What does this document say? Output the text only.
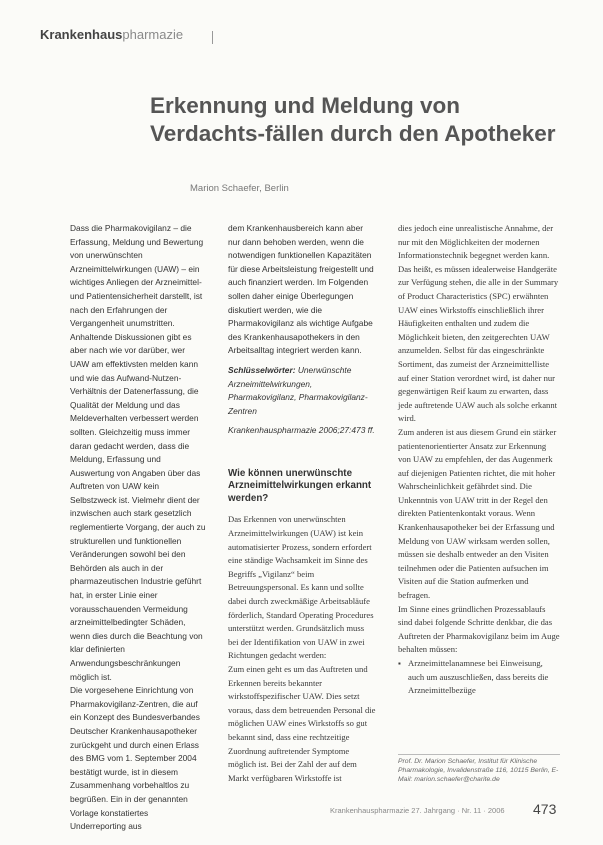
Krankenhauspharmazie
Erkennung und Meldung von Verdachts-fällen durch den Apotheker
Marion Schaefer, Berlin

Dass die Pharmakovigilanz – die Erfassung, Meldung und Bewertung von unerwünschten Arzneimittelwirkungen (UAW) – ein wichtiges Anliegen der Arzneimittel- und Patientensicherheit darstellt, ist nach den Erfahrungen der Vergangenheit unumstritten. Anhaltende Diskussionen gibt es aber nach wie vor darüber, wer UAW am effektivsten melden kann und wie das Aufwand-Nutzen-Verhältnis der Datenerfassung, die Qualität der Meldung und das Meldeverhalten verbessert werden sollten. Gleichzeitig muss immer daran gedacht werden, dass die Meldung, Erfassung und Auswertung von Angaben über das Auftreten von UAW kein Selbstzweck ist. Vielmehr dient der inzwischen auch stark gesetzlich reglementierte Vorgang, der auch zu strukturellen und funktionellen Veränderungen sowohl bei den Behörden als auch in der pharmazeutischen Industrie geführt hat, in erster Linie einer vorausschauenden Vermeidung arzneimittelbedingter Schäden, wenn dies durch die Beachtung von klar definierten Anwendungsbeschränkungen möglich ist.

Die vorgesehene Einrichtung von Pharmakovigilanz-Zentren, die auf ein Konzept des Bundesverbandes Deutscher Krankenhausapotheker zurückgeht und durch einen Erlass des BMG vom 1. September 2004 bestätigt wurde, ist in diesem Zusammenhang vorbehaltlos zu begrüßen. Ein in der genannten Vorlage konstatiertes Underreporting aus

dem Krankenhausbereich kann aber nur dann behoben werden, wenn die notwendigen funktionellen Kapazitäten für diese Arbeitsleistung freigestellt und auch finanziert werden. Im Folgenden sollen daher einige Überlegungen diskutiert werden, wie die Pharmakovigilanz als wichtige Aufgabe des Krankenhausapothekers in den Arbeitsalltag integriert werden kann.

Schlüsselwörter: Unerwünschte Arzneimittelwirkungen, Pharmakovigilanz, Pharmakovigilanz-Zentren

Krankenhauspharmazie 2006;27:473 ff.

Wie können unerwünschte Arzneimittelwirkungen erkannt werden?

Das Erkennen von unerwünschten Arzneimittelwirkungen (UAW) ist kein automatisierter Prozess, sondern erfordert eine ständige Wachsamkeit im Sinne des Begriffs „Vigilanz“ beim Betreuungspersonal. Es kann und sollte dabei durch zweckmäßige Arbeitsabläufe förderlich, Standard Operating Procedures unterstützt werden. Grundsätzlich muss bei der Identifikation von UAW in zwei Richtungen gedacht werden:

Zum einen geht es um das Auftreten und Erkennen bereits bekannter wirkstoffspezifischer UAW. Dies setzt voraus, dass dem betreuenden Personal die möglichen UAW eines Wirkstoffs so gut bekannt sind, dass eine rechtzeitige Zuordnung auftretender Symptome möglich ist. Bei der Zahl der auf dem Markt verfügbaren Wirkstoffe ist

dies jedoch eine unrealistische Annahme, der nur mit den Möglichkeiten der modernen Informationstechnik begegnet werden kann. Das heißt, es müssen idealerweise Handgeräte zur Verfügung stehen, die alle in der Summary of Product Characteristics (SPC) erwähnten UAW eines Wirkstoffs einschließlich ihrer Häufigkeiten enthalten und zudem die Möglichkeit bieten, den zeitgerechten UAW anzumelden. Selbst für das eingeschränkte Sortiment, das zumeist der Arzneimittelliste auf einer Station verordnet wird, ist daher nur gegenwärtigen Reif kaum zu erwarten, dass jede auftretende UAW auch als solche erkannt wird.

Zum anderen ist aus diesem Grund ein stärker patientenorientierter Ansatz zur Erkennung von UAW zu empfehlen, der das Augenmerk auf diejenigen Patienten richtet, die mit hoher Wahrscheinlichkeit gefährdet sind. Die Unkenntnis von UAW tritt in der Regel den direkten Patientenkontakt voraus. Wenn Krankenhausapotheker bei der Erfassung und Meldung von UAW wirksam werden sollen, müssen sie deshalb entweder an den Visiten teilnehmen oder die Patienten aufsuchen im Visiten auf die Station aufmerken und befragen.

Im Sinne eines gründlichen Prozessablaufs sind dabei folgende Schritte denkbar, die das Auftreten der Pharmakovigilanz beim im Auge behalten müssen:

▪ Arzneimittelanamnese bei Einweisung, auch um auszuschließen, dass bereits die Arzneimittelbezüge

Prof. Dr. Marion Schaefer, Institut für Klinische Pharmakologie, Invalidenstraße 116, 10115 Berlin, E-Mail: marion.schaefer@charite.de
Krankenhauspharmazie 27. Jahrgang · Nr. 11 · 2006 473
